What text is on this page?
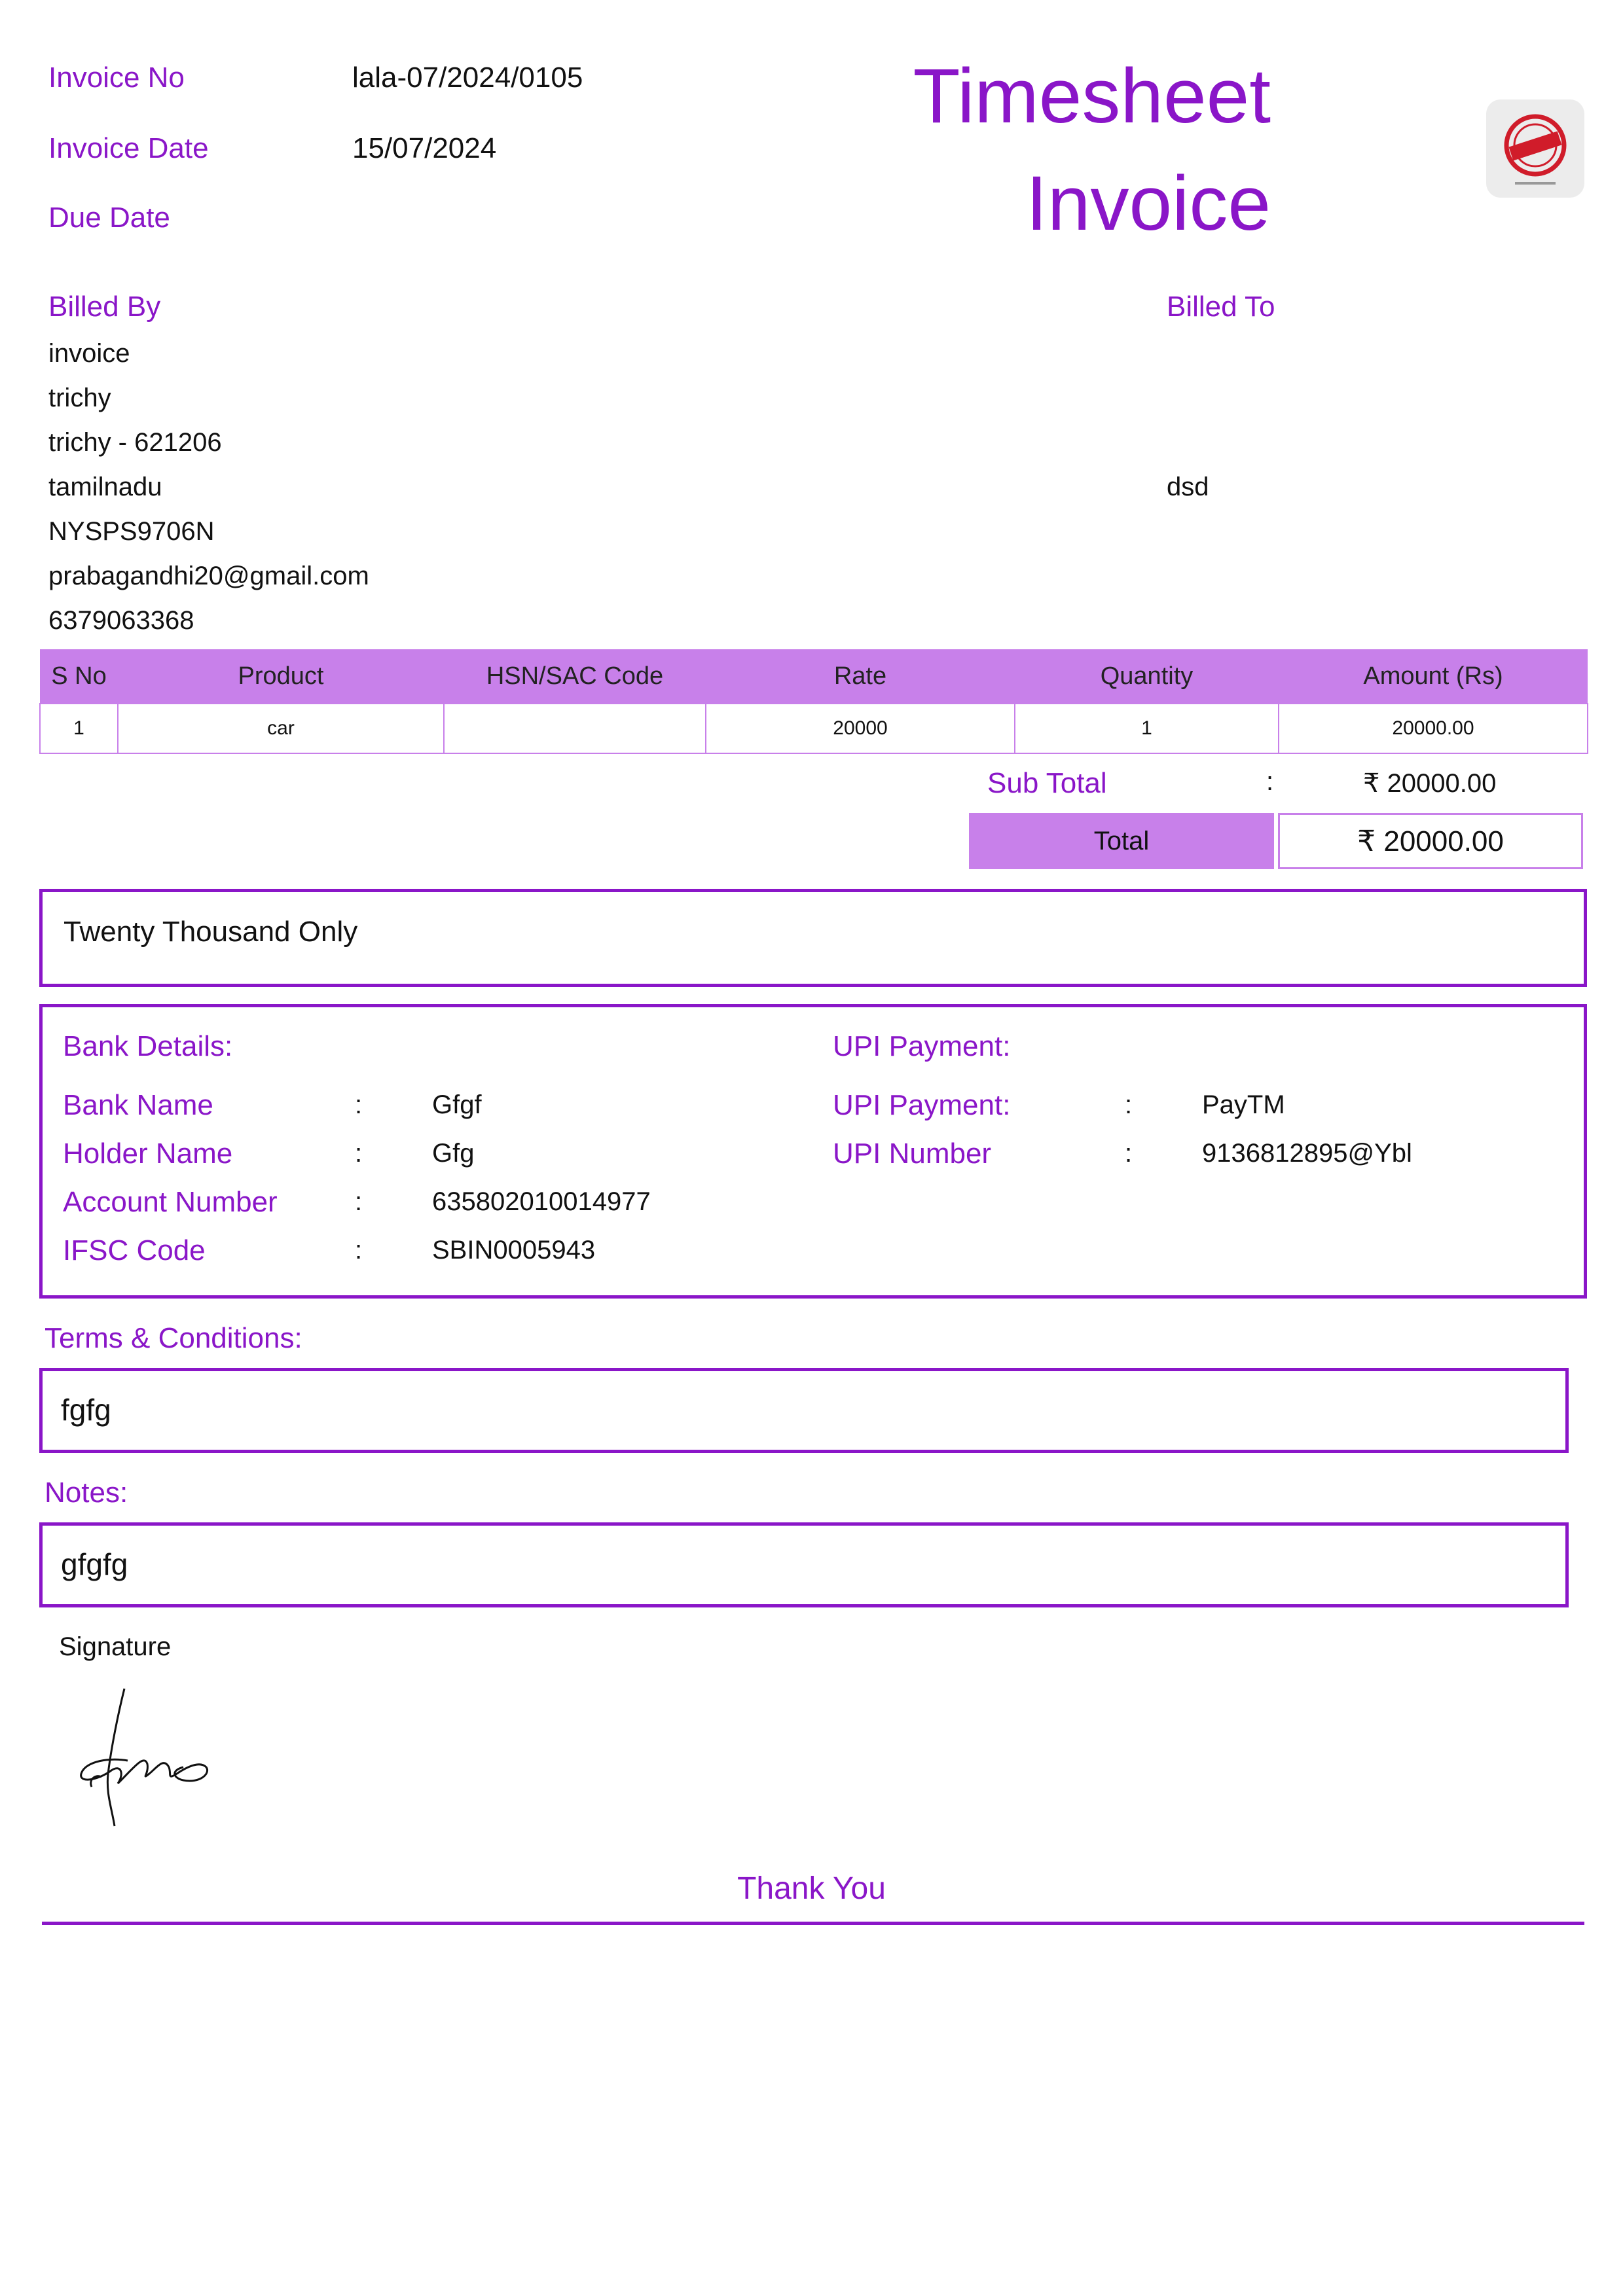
Invoice No	lala-07/2024/0105
Invoice Date	15/07/2024
Due Date
Timesheet
Invoice
Billed By
invoice
trichy
trichy - 621206
tamilnadu
NYSPS9706N
prabagandhi20@gmail.com
6379063368
Billed To
dsd
S No	Product	HSN/SAC Code	Rate	Quantity	Amount (Rs)
1	car		20000	1	20000.00
Sub Total	:	₹ 20000.00
Total	₹ 20000.00
Twenty Thousand Only
Bank Details:
Bank Name	:	Gfgf
Holder Name	:	Gfg
Account Number	:	635802010014977
IFSC Code	:	SBIN0005943
UPI Payment:
UPI Payment:	:	PayTM
UPI Number	:	9136812895@Ybl
Terms & Conditions:
fgfg
Notes:
gfgfg
Signature
Thank You
